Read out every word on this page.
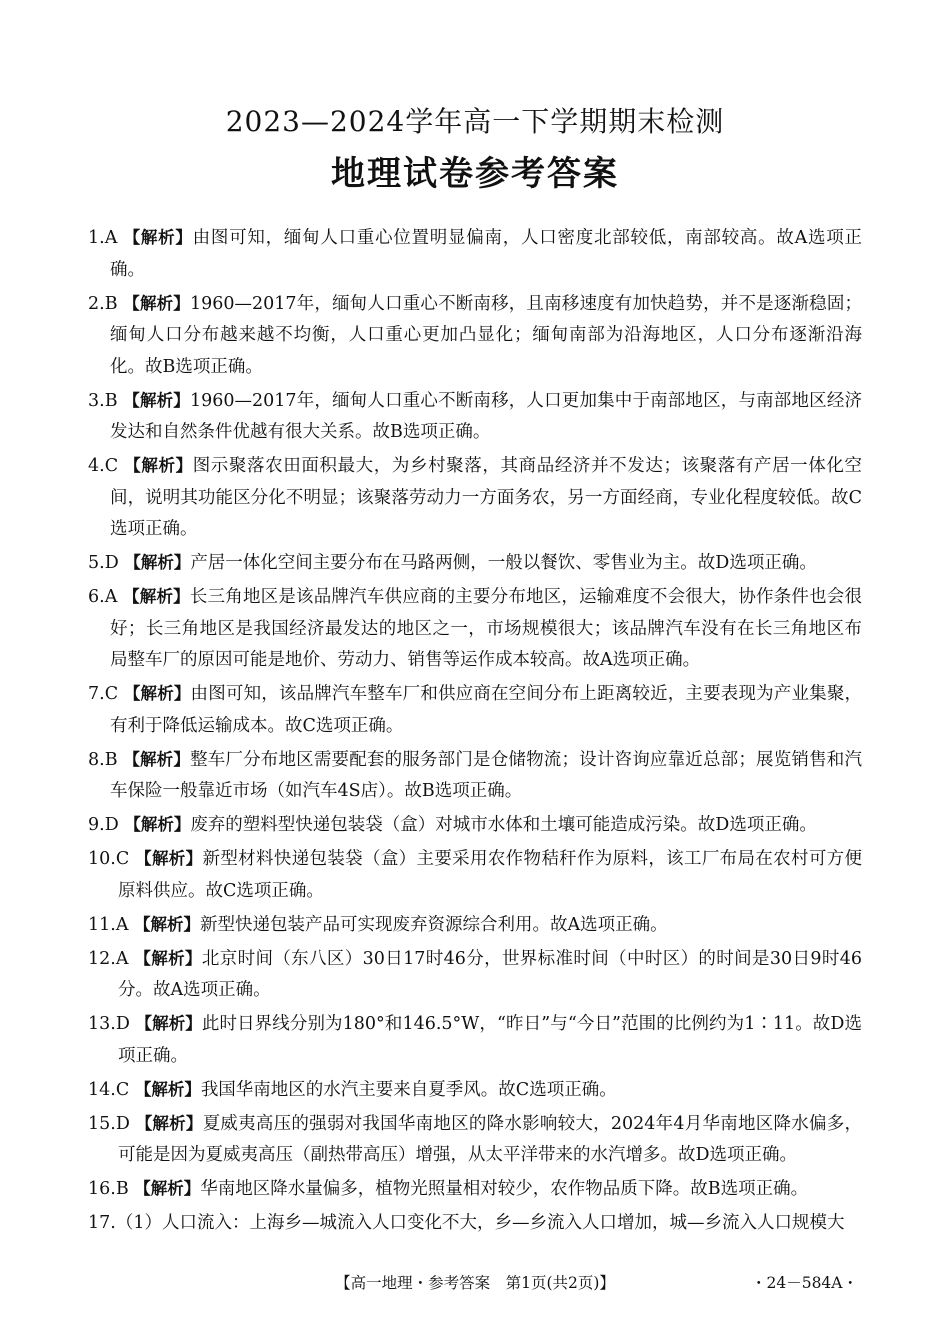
2023—2024学年高一下学期期末检测
地理试卷参考答案

1.A 【解析】由图可知，缅甸人口重心位置明显偏南，人口密度北部较低，南部较高。故A选项正确。

2.B 【解析】1960—2017年，缅甸人口重心不断南移，且南移速度有加快趋势，并不是逐渐稳固；缅甸人口分布越来越不均衡，人口重心更加凸显化；缅甸南部为沿海地区，人口分布逐渐沿海化。故B选项正确。

3.B 【解析】1960—2017年，缅甸人口重心不断南移，人口更加集中于南部地区，与南部地区经济发达和自然条件优越有很大关系。故B选项正确。

4.C 【解析】图示聚落农田面积最大，为乡村聚落，其商品经济并不发达；该聚落有产居一体化空间，说明其功能区分化不明显；该聚落劳动力一方面务农，另一方面经商，专业化程度较低。故C选项正确。

5.D 【解析】产居一体化空间主要分布在马路两侧，一般以餐饮、零售业为主。故D选项正确。

6.A 【解析】长三角地区是该品牌汽车供应商的主要分布地区，运输难度不会很大，协作条件也会很好；长三角地区是我国经济最发达的地区之一，市场规模很大；该品牌汽车没有在长三角地区布局整车厂的原因可能是地价、劳动力、销售等运作成本较高。故A选项正确。

7.C 【解析】由图可知，该品牌汽车整车厂和供应商在空间分布上距离较近，主要表现为产业集聚，有利于降低运输成本。故C选项正确。

8.B 【解析】整车厂分布地区需要配套的服务部门是仓储物流；设计咨询应靠近总部；展览销售和汽车保险一般靠近市场（如汽车4S店）。故B选项正确。

9.D 【解析】废弃的塑料型快递包装袋（盒）对城市水体和土壤可能造成污染。故D选项正确。

10.C 【解析】新型材料快递包装袋（盒）主要采用农作物秸秆作为原料，该工厂布局在农村可方便原料供应。故C选项正确。

11.A 【解析】新型快递包装产品可实现废弃资源综合利用。故A选项正确。

12.A 【解析】北京时间（东八区）30日17时46分，世界标准时间（中时区）的时间是30日9时46分。故A选项正确。

13.D 【解析】此时日界线分别为180°和146.5°W，“昨日”与“今日”范围的比例约为1∶11。故D选项正确。

14.C 【解析】我国华南地区的水汽主要来自夏季风。故C选项正确。

15.D 【解析】夏威夷高压的强弱对我国华南地区的降水影响较大，2024年4月华南地区降水偏多，可能是因为夏威夷高压（副热带高压）增强，从太平洋带来的水汽增多。故D选项正确。

16.B 【解析】华南地区降水量偏多，植物光照量相对较少，农作物品质下降。故B选项正确。

17.（1）人口流入：上海乡—城流入人口变化不大，乡—乡流入人口增加，城—乡流入人口规模大

【高一地理・参考答案　第1页(共2页)】	・24－584A・
